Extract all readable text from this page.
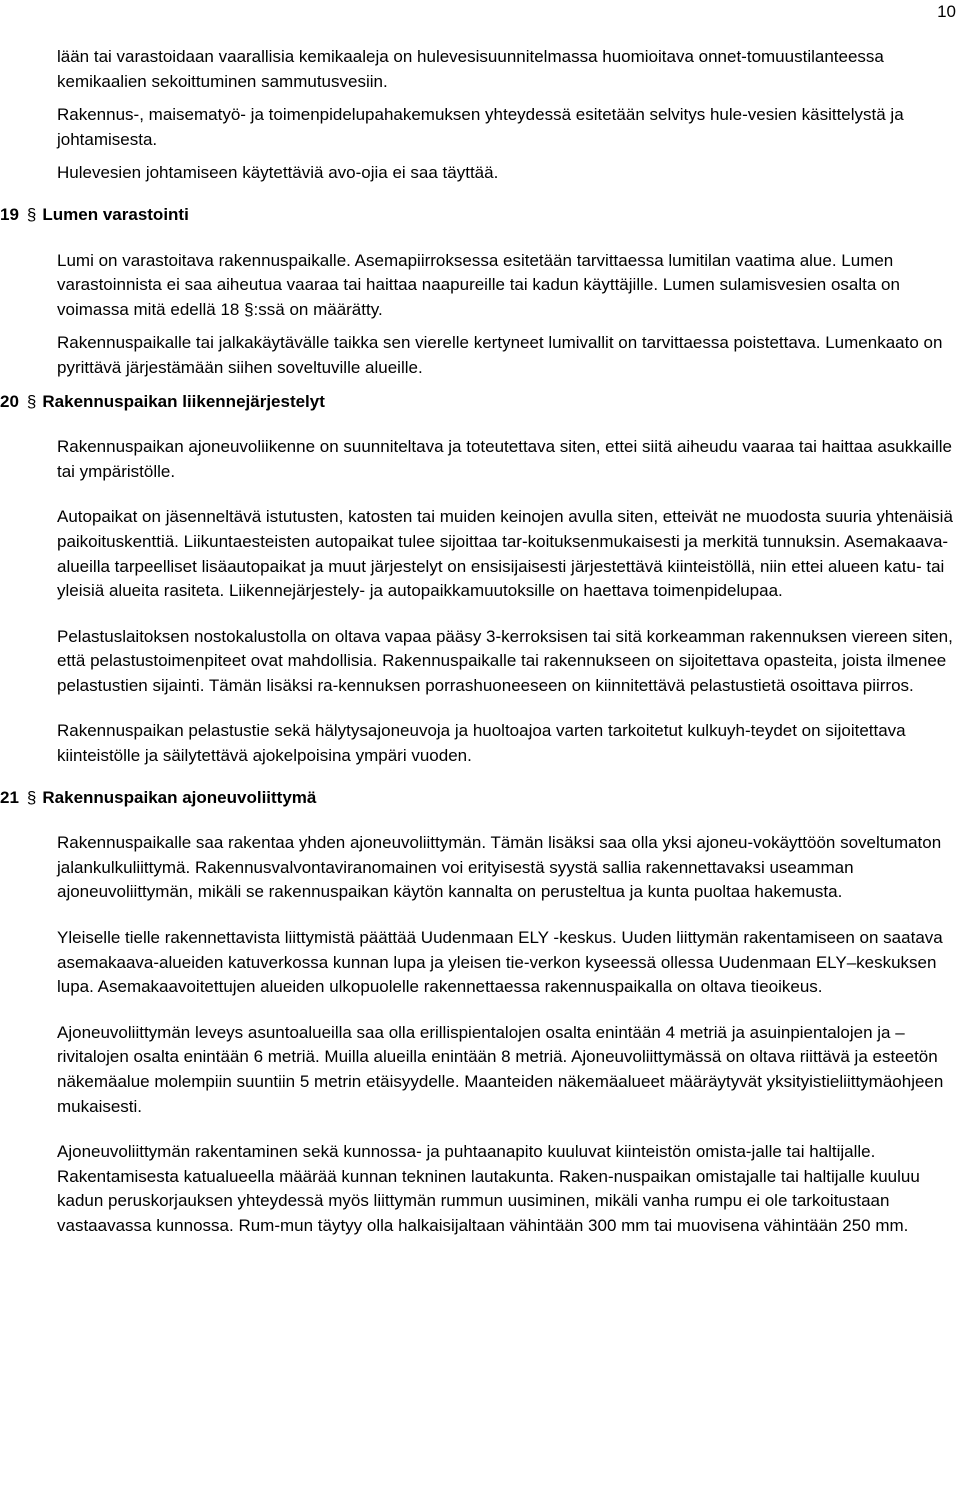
10

lään tai varastoidaan vaarallisia kemikaaleja on hulevesisuunnitelmassa huomioitava onnet-tomuustilanteessa kemikaalien sekoittuminen sammutusvesiin.

Rakennus-, maisematyö- ja toimenpidelupahakemuksen yhteydessä esitetään selvitys hule-vesien käsittelystä ja johtamisesta.

Hulevesien johtamiseen käytettäviä avo-ojia ei saa täyttää.

19 § Lumen varastointi

Lumi on varastoitava rakennuspaikalle. Asemapiirroksessa esitetään tarvittaessa lumitilan vaatima alue. Lumen varastoinnista ei saa aiheutua vaaraa tai haittaa naapureille tai kadun käyttäjille. Lumen sulamisvesien osalta on voimassa mitä edellä 18 §:ssä on määrätty.

Rakennuspaikalle tai jalkakäytävälle taikka sen vierelle kertyneet lumivallit on tarvittaessa poistettava. Lumenkaato on pyrittävä järjestämään siihen soveltuville alueille.

20 § Rakennuspaikan liikennejärjestelyt

Rakennuspaikan ajoneuvoliikenne on suunniteltava ja toteutettava siten, ettei siitä aiheudu vaaraa tai haittaa asukkaille tai ympäristölle.

Autopaikat on jäsenneltävä istutusten, katosten tai muiden keinojen avulla siten, etteivät ne muodosta suuria yhtenäisiä paikoituskenttiä. Liikuntaesteisten autopaikat tulee sijoittaa tar-koituksenmukaisesti ja merkitä tunnuksin. Asemakaava-alueilla tarpeelliset lisäautopaikat ja muut järjestelyt on ensisijaisesti järjestettävä kiinteistöllä, niin ettei alueen katu- tai yleisiä alueita rasiteta. Liikennejärjestely- ja autopaikkamuutoksille on haettava toimenpidelupaa.

Pelastuslaitoksen nostokalustolla on oltava vapaa pääsy 3-kerroksisen tai sitä korkeamman rakennuksen viereen siten, että pelastustoimenpiteet ovat mahdollisia. Rakennuspaikalle tai rakennukseen on sijoitettava opasteita, joista ilmenee pelastustien sijainti. Tämän lisäksi ra-kennuksen porrashuoneeseen on kiinnitettävä pelastustietä osoittava piirros.

Rakennuspaikan pelastustie sekä hälytysajoneuvoja ja huoltoajoa varten tarkoitetut kulkuyh-teydet on sijoitettava kiinteistölle ja säilytettävä ajokelpoisina ympäri vuoden.

21 § Rakennuspaikan ajoneuvoliittymä

Rakennuspaikalle saa rakentaa yhden ajoneuvoliittymän. Tämän lisäksi saa olla yksi ajoneu-vokäyttöön soveltumaton jalankulkuliittymä. Rakennusvalvontaviranomainen voi erityisestä syystä sallia rakennettavaksi useamman ajoneuvoliittymän, mikäli se rakennuspaikan käytön kannalta on perusteltua ja kunta puoltaa hakemusta.

Yleiselle tielle rakennettavista liittymistä päättää Uudenmaan ELY -keskus. Uuden liittymän rakentamiseen on saatava asemakaava-alueiden katuverkossa kunnan lupa ja yleisen tie-verkon kyseessä ollessa Uudenmaan ELY–keskuksen lupa. Asemakaavoitettujen alueiden ulkopuolelle rakennettaessa rakennuspaikalla on oltava tieoikeus.

Ajoneuvoliittymän leveys asuntoalueilla saa olla erillispientalojen osalta enintään 4 metriä ja asuinpientalojen ja –rivitalojen osalta enintään 6 metriä. Muilla alueilla enintään 8 metriä. Ajoneuvoliittymässä on oltava riittävä ja esteetön näkemäalue molempiin suuntiin 5 metrin etäisyydelle. Maanteiden näkemäalueet määräytyvät yksityistieliittymäohjeen mukaisesti.

Ajoneuvoliittymän rakentaminen sekä kunnossa- ja puhtaanapito kuuluvat kiinteistön omista-jalle tai haltijalle. Rakentamisesta katualueella määrää kunnan tekninen lautakunta. Raken-nuspaikan omistajalle tai haltijalle kuuluu kadun peruskorjauksen yhteydessä myös liittymän rummun uusiminen, mikäli vanha rumpu ei ole tarkoitustaan vastaavassa kunnossa. Rum-mun täytyy olla halkaisijaltaan vähintään 300 mm tai muovisena vähintään 250 mm.
